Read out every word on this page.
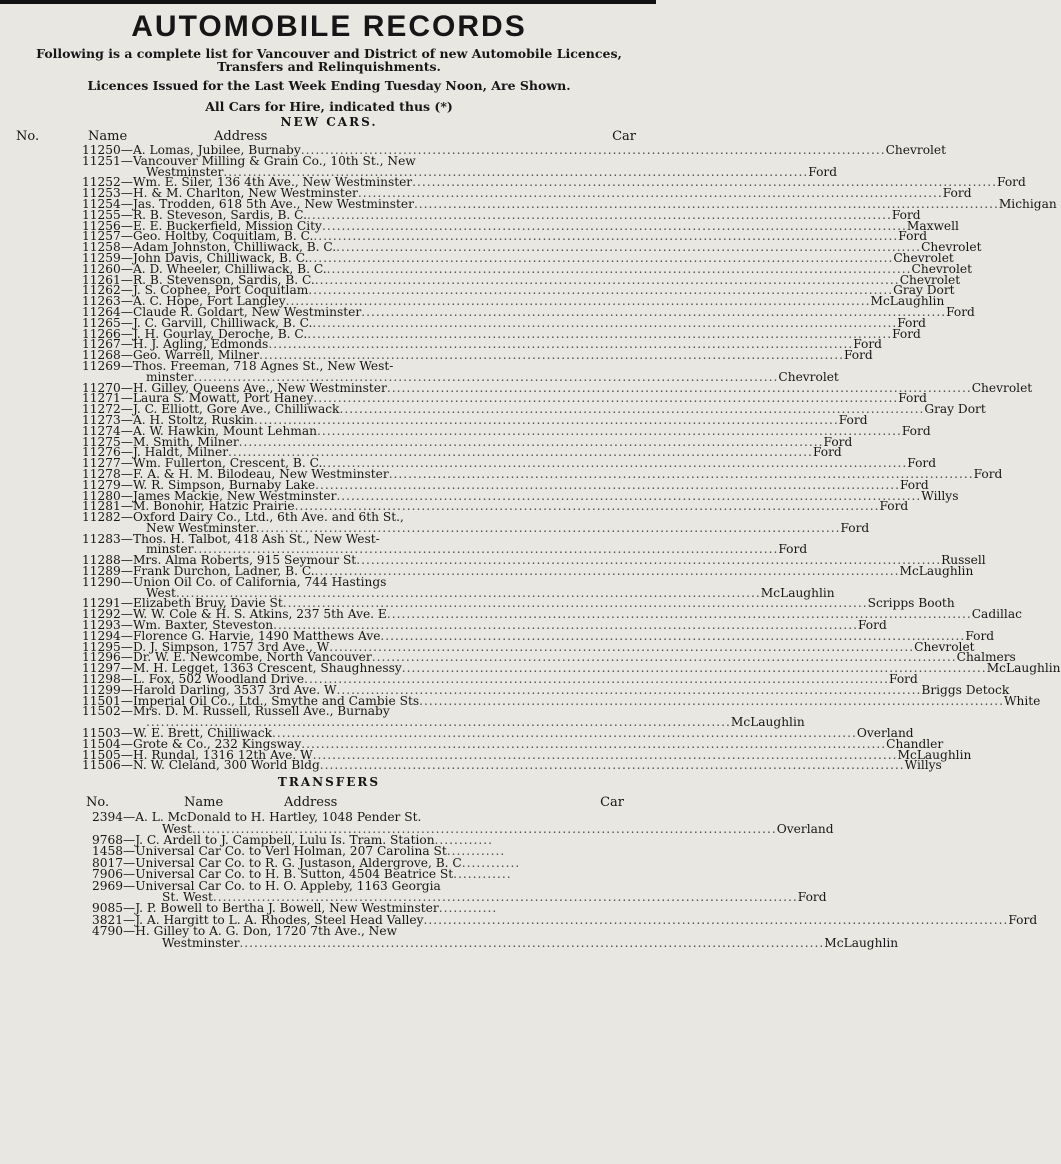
AUTOMOBILE RECORDS
Following is a complete list for Vancouver and District of new Automobile Licences, Transfers and Relinquishments.
Licences Issued for the Last Week Ending Tuesday Noon, Are Shown.
All Cars for Hire, indicated thus (*)
NEW CARS.
No.	Name	Address	Car
11250—A. Lomas, Jubilee, Burnaby ........................................................................................................................ Chevrolet
11251—Vancouver Milling & Grain Co., 10th St., New
Westminster ........................................................................................................................ Ford
11252—Wm. E. Siler, 136 4th Ave., New Westminster ........................................................................................................................ Ford
11253—H. & M. Charlton, New Westminster ........................................................................................................................ Ford
11254—Jas. Trodden, 618 5th Ave., New Westminster ........................................................................................................................ Michigan
11255—R. B. Steveson, Sardis, B. C. ........................................................................................................................ Ford
11256—E. E. Buckerfield, Mission City ........................................................................................................................ Maxwell
11257—Geo. Holtby, Coquitlam, B. C. ........................................................................................................................ Ford
11258—Adam Johnston, Chilliwack, B. C. ........................................................................................................................ Chevrolet
11259—John Davis, Chilliwack, B. C. ........................................................................................................................ Chevrolet
11260—A. D. Wheeler, Chilliwack, B. C. ........................................................................................................................ Chevrolet
11261—R. B. Stevenson, Sardis, B. C. ........................................................................................................................ Chevrolet
11262—J. S. Cophee, Port Coquitlam ........................................................................................................................ Gray Dort
11263—A. C. Hope, Fort Langley ........................................................................................................................ McLaughlin
11264—Claude R. Goldart, New Westminster ........................................................................................................................ Ford
11265—J. C. Garvill, Chilliwack, B. C. ........................................................................................................................ Ford
11266—J. H. Gourlay, Deroche, B. C. ........................................................................................................................ Ford
11267—H. J. Agling, Edmonds ........................................................................................................................ Ford
11268—Geo. Warrell, Milner ........................................................................................................................ Ford
11269—Thos. Freeman, 718 Agnes St., New West-
minster ........................................................................................................................ Chevrolet
11270—H. Gilley, Queens Ave., New Westminster ........................................................................................................................ Chevrolet
11271—Laura S. Mowatt, Port Haney ........................................................................................................................ Ford
11272—J. C. Elliott, Gore Ave., Chilliwack ........................................................................................................................ Gray Dort
11273—A. H. Stoltz, Ruskin ........................................................................................................................ Ford
11274—A. W. Hawkin, Mount Lehman ........................................................................................................................ Ford
11275—M. Smith, Milner ........................................................................................................................ Ford
11276—J. Haldt, Milner ........................................................................................................................ Ford
11277—Wm. Fullerton, Crescent, B. C. ........................................................................................................................ Ford
11278—F. A. & H. M. Bilodeau, New Westminster ........................................................................................................................ Ford
11279—W. R. Simpson, Burnaby Lake ........................................................................................................................ Ford
11280—James Mackie, New Westminster ........................................................................................................................ Willys
11281—M. Bonohir, Hatzic Prairie ........................................................................................................................ Ford
11282—Oxford Dairy Co., Ltd., 6th Ave. and 6th St.,
New Westminster ........................................................................................................................ Ford
11283—Thos. H. Talbot, 418 Ash St., New West-
minster ........................................................................................................................ Ford
11288—Mrs. Alma Roberts, 915 Seymour St ........................................................................................................................ Russell
11289—Frank Durchon, Ladner, B. C. ........................................................................................................................ McLaughlin
11290—Union Oil Co. of California, 744 Hastings
West ........................................................................................................................ McLaughlin
11291—Elizabeth Bruy, Davie St ........................................................................................................................ Scripps Booth
11292—W. W. Cole & H. S. Atkins, 237 5th Ave. E ........................................................................................................................ Cadillac
11293—Wm. Baxter, Steveston ........................................................................................................................ Ford
11294—Florence G. Harvie, 1490 Matthews Ave ........................................................................................................................ Ford
11295—D. J. Simpson, 1757 3rd Ave., W ........................................................................................................................ Chevrolet
11296—Dr. W. E. Newcombe, North Vancouver ........................................................................................................................ Chalmers
11297—M. H. Legget, 1363 Crescent, Shaughnessy ........................................................................................................................ McLaughlin
11298—L. Fox, 502 Woodland Drive ........................................................................................................................ Ford
11299—Harold Darling, 3537 3rd Ave. W ........................................................................................................................ Briggs Detock
11501—Imperial Oil Co., Ltd., Smythe and Cambie Sts ........................................................................................................................ White
11502—Mrs. D. M. Russell, Russell Ave., Burnaby
........................................................................................................................ McLaughlin
11503—W. E. Brett, Chilliwack ........................................................................................................................ Overland
11504—Grote & Co., 232 Kingsway ........................................................................................................................ Chandler
11505—H. Rundal, 1316 12th Ave. W ........................................................................................................................ McLaughlin
11506—N. W. Cleland, 300 World Bldg ........................................................................................................................ Willys
TRANSFERS
No.	Name	Address	Car
2394—A. L. McDonald to H. Hartley, 1048 Pender St.
West ........................................................................................................................ Overland
9768—J. C. Ardell to J. Campbell, Lulu Is. Tram. Station ............
1458—Universal Car Co. to Verl Holman, 207 Carolina St ............
8017—Universal Car Co. to R. G. Justason, Aldergrove, B. C ............
7906—Universal Car Co. to H. B. Sutton, 4504 Beatrice St ............
2969—Universal Car Co. to H. O. Appleby, 1163 Georgia
St. West ........................................................................................................................ Ford
9085—J. P. Bowell to Bertha J. Bowell, New Westminster ............
3821—J. A. Hargitt to L. A. Rhodes, Steel Head Valley ........................................................................................................................ Ford
4790—H. Gilley to A. G. Don, 1720 7th Ave., New
Westminster ........................................................................................................................ McLaughlin
